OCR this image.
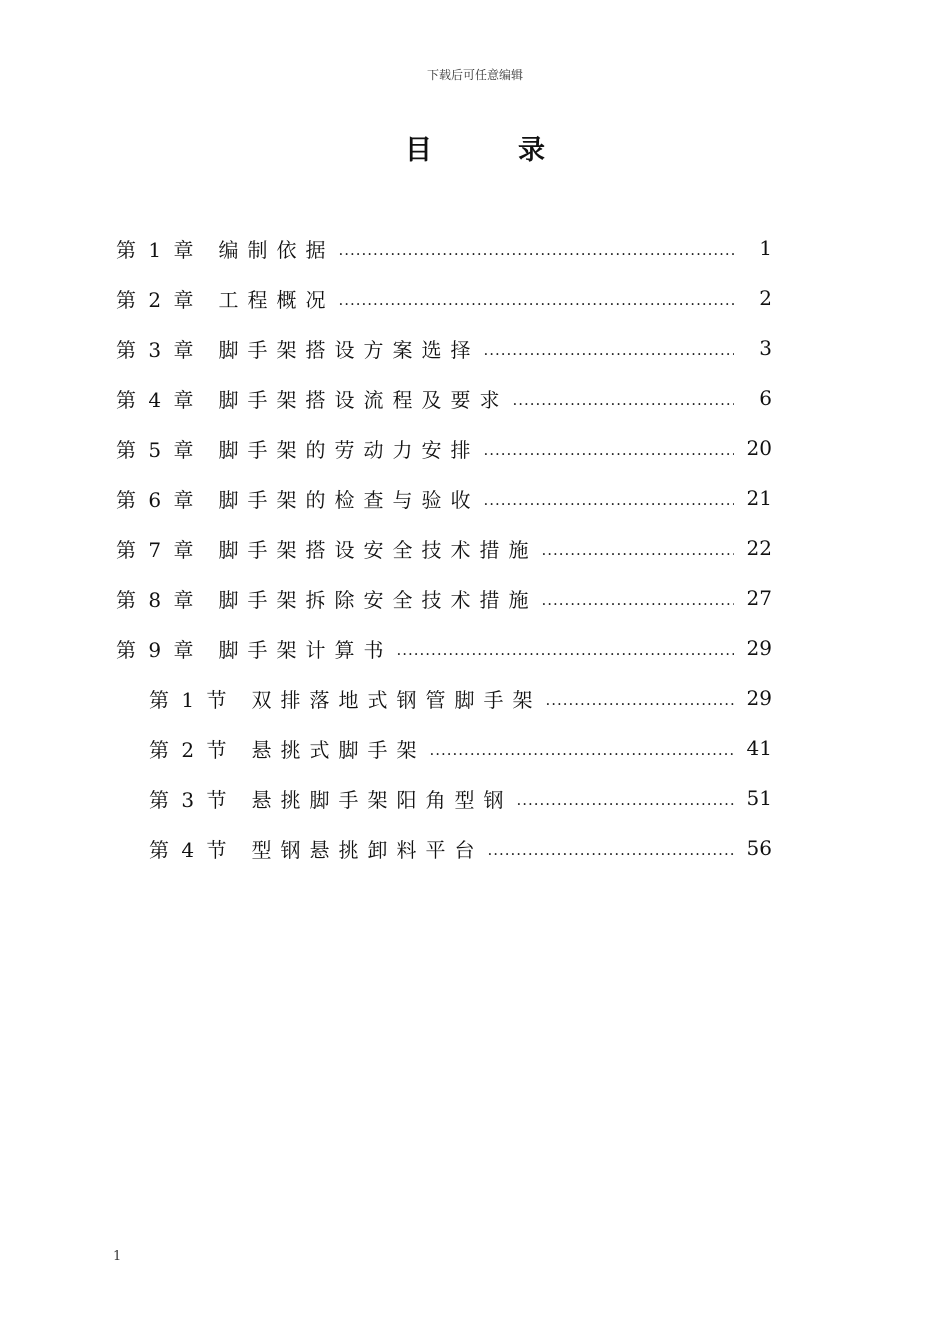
下载后可任意编辑
目录
第 1 章 编制依据 .....	1
第 2 章 工程概况 .....	2
第 3 章 脚手架搭设方案选择 .....	3
第 4 章 脚手架搭设流程及要求 .....	6
第 5 章 脚手架的劳动力安排 .....	20
第 6 章 脚手架的检查与验收 .....	21
第 7 章 脚手架搭设安全技术措施 .....	22
第 8 章 脚手架拆除安全技术措施 .....	27
第 9 章 脚手架计算书 .....	29
第 1 节 双排落地式钢管脚手架 .....	29
第 2 节 悬挑式脚手架 .....	41
第 3 节 悬挑脚手架阳角型钢 .....	51
第 4 节 型钢悬挑卸料平台 .....	56
1
